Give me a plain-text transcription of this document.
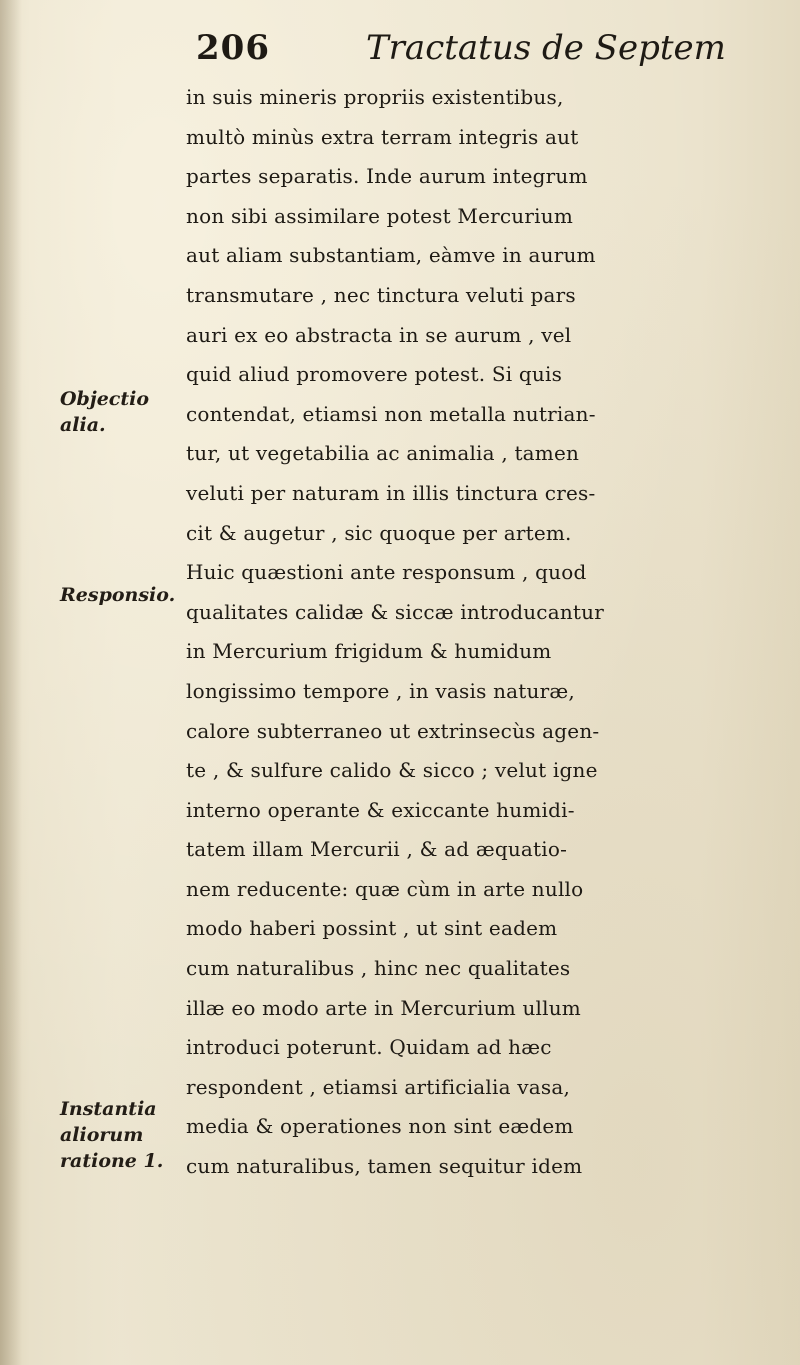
206	Tractatus de Septem
Objectio
alia.
Responsio.
Instantia
aliorum
ratione 1.
in suis mineris propriis existentibus,
multò minùs extra terram integris aut
partes separatis. Inde aurum integrum
non sibi assimilare potest Mercurium
aut aliam substantiam, eàmve in aurum
transmutare , nec tinctura veluti pars
auri ex eo abstracta in se aurum , vel
quid aliud promovere potest. Si quis
contendat, etiamsi non metalla nutrian-
tur, ut vegetabilia ac animalia , tamen
veluti per naturam in illis tinctura cres-
cit & augetur , sic quoque per artem.
Huic quæstioni ante responsum , quod
qualitates calidæ & siccæ introducantur
in Mercurium frigidum & humidum
longissimo tempore , in vasis naturæ,
calore subterraneo ut extrinsecùs agen-
te , & sulfure calido & sicco ; velut igne
interno operante & exiccante humidi-
tatem illam Mercurii , & ad æquatio-
nem reducente: quæ cùm in arte nullo
modo haberi possint , ut sint eadem
cum naturalibus , hinc nec qualitates
illæ eo modo arte in Mercurium ullum
introduci poterunt. Quidam ad hæc
respondent , etiamsi artificialia vasa,
media & operationes non sint eædem
cum naturalibus, tamen sequitur idem
